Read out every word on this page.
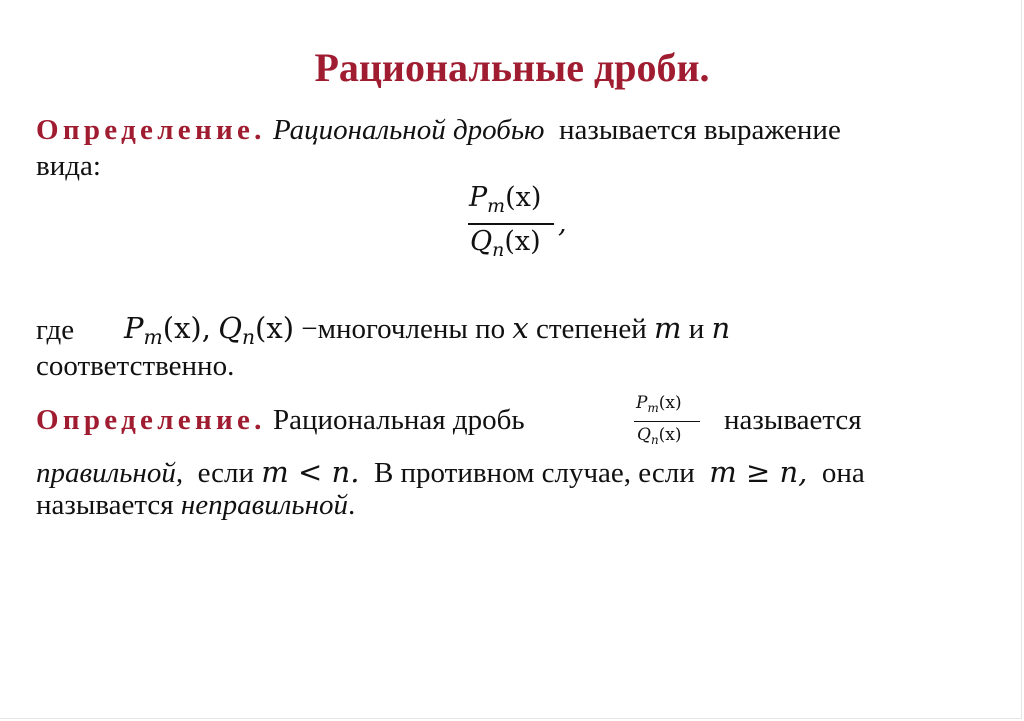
Рациональные дроби.
Определение. Рациональной дробью называется выражение
вида:
$P_m(x)$
$Q_n(x)$
,
где $P_m(x)$, $Q_n(x)$ −многочлены по x степеней m и n
соответственно.
Определение. Рациональная дробь
$P_m(x)$
$Q_n(x)$ называется
правильной, если m < n. В противном случае, если m ≥ n, она
называется неправильной.
